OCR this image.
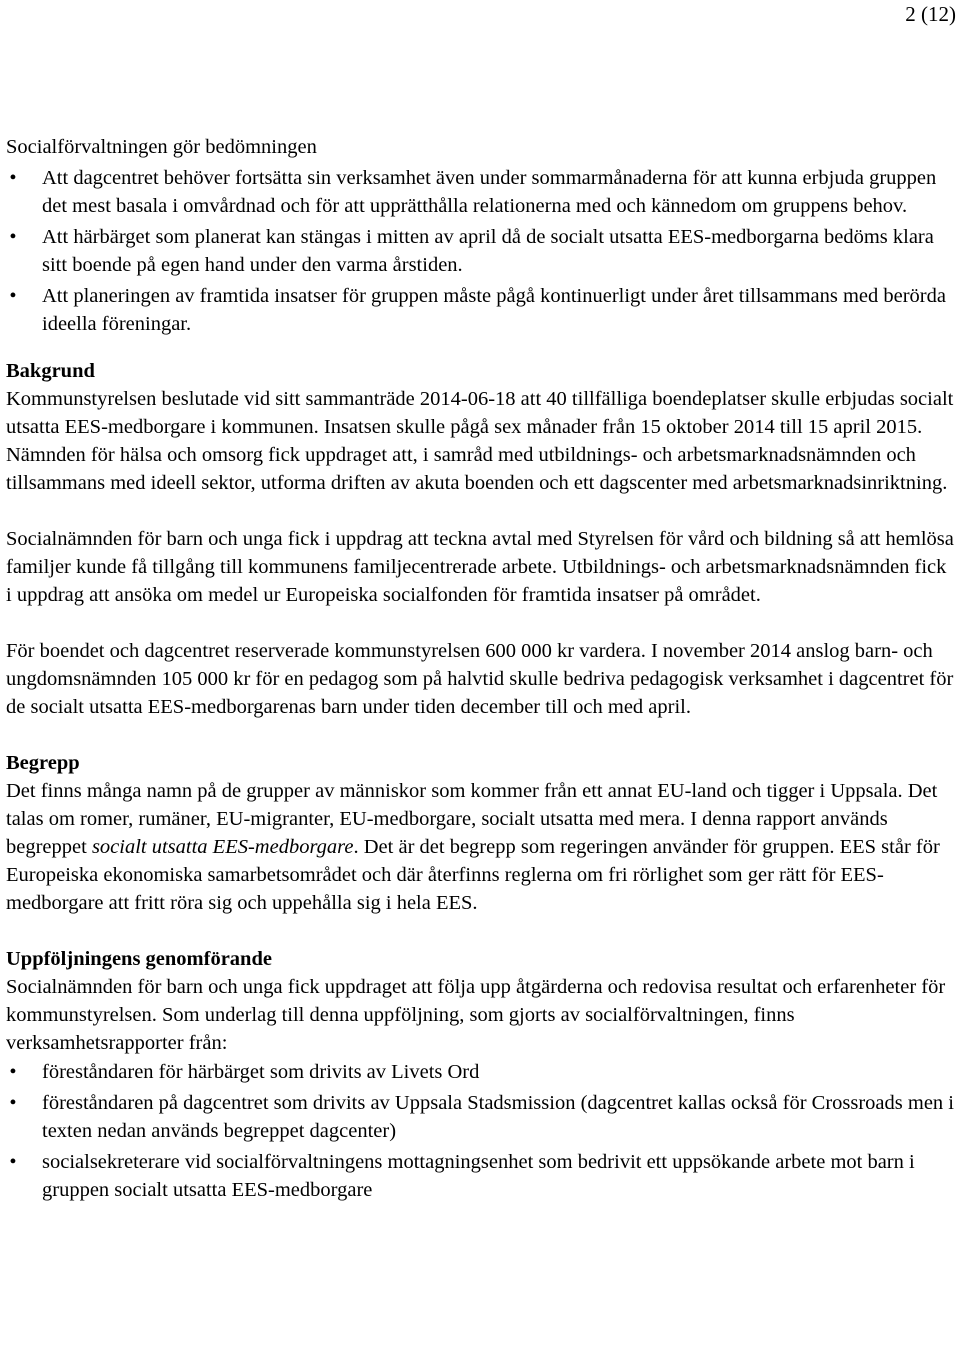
2 (12)

Socialförvaltningen gör bedömningen

• Att dagcentret behöver fortsätta sin verksamhet även under sommarmånaderna för att kunna erbjuda gruppen det mest basala i omvårdnad och för att upprätthålla relationerna med och kännedom om gruppens behov.
• Att härbärget som planerat kan stängas i mitten av april då de socialt utsatta EES-medborgarna bedöms klara sitt boende på egen hand under den varma årstiden.
• Att planeringen av framtida insatser för gruppen måste pågå kontinuerligt under året tillsammans med berörda ideella föreningar.
Bakgrund

Kommunstyrelsen beslutade vid sitt sammanträde 2014-06-18 att 40 tillfälliga boendeplatser skulle erbjudas socialt utsatta EES-medborgare i kommunen. Insatsen skulle pågå sex månader från 15 oktober 2014 till 15 april 2015. Nämnden för hälsa och omsorg fick uppdraget att, i samråd med utbildnings- och arbetsmarknadsnämnden och tillsammans med ideell sektor, utforma driften av akuta boenden och ett dagscenter med arbetsmarknadsinriktning.

Socialnämnden för barn och unga fick i uppdrag att teckna avtal med Styrelsen för vård och bildning så att hemlösa familjer kunde få tillgång till kommunens familjecentrerade arbete. Utbildnings- och arbetsmarknadsnämnden fick i uppdrag att ansöka om medel ur Europeiska socialfonden för framtida insatser på området.

För boendet och dagcentret reserverade kommunstyrelsen 600 000 kr vardera. I november 2014 anslog barn- och ungdomsnämnden 105 000 kr för en pedagog som på halvtid skulle bedriva pedagogisk verksamhet i dagcentret för de socialt utsatta EES-medborgarenas barn under tiden december till och med april.

Begrepp

Det finns många namn på de grupper av människor som kommer från ett annat EU-land och tigger i Uppsala. Det talas om romer, rumäner, EU-migranter, EU-medborgare, socialt utsatta med mera. I denna rapport används begreppet socialt utsatta EES-medborgare. Det är det begrepp som regeringen använder för gruppen. EES står för Europeiska ekonomiska samarbetsområdet och där återfinns reglerna om fri rörlighet som ger rätt för EES-medborgare att fritt röra sig och uppehålla sig i hela EES.

Uppföljningens genomförande

Socialnämnden för barn och unga fick uppdraget att följa upp åtgärderna och redovisa resultat och erfarenheter för kommunstyrelsen. Som underlag till denna uppföljning, som gjorts av socialförvaltningen, finns verksamhetsrapporter från:

• föreståndaren för härbärget som drivits av Livets Ord
• föreståndaren på dagcentret som drivits av Uppsala Stadsmission (dagcentret kallas också för Crossroads men i texten nedan används begreppet dagcenter)
• socialsekreterare vid socialförvaltningens mottagningsenhet som bedrivit ett uppsökande arbete mot barn i gruppen socialt utsatta EES-medborgare
